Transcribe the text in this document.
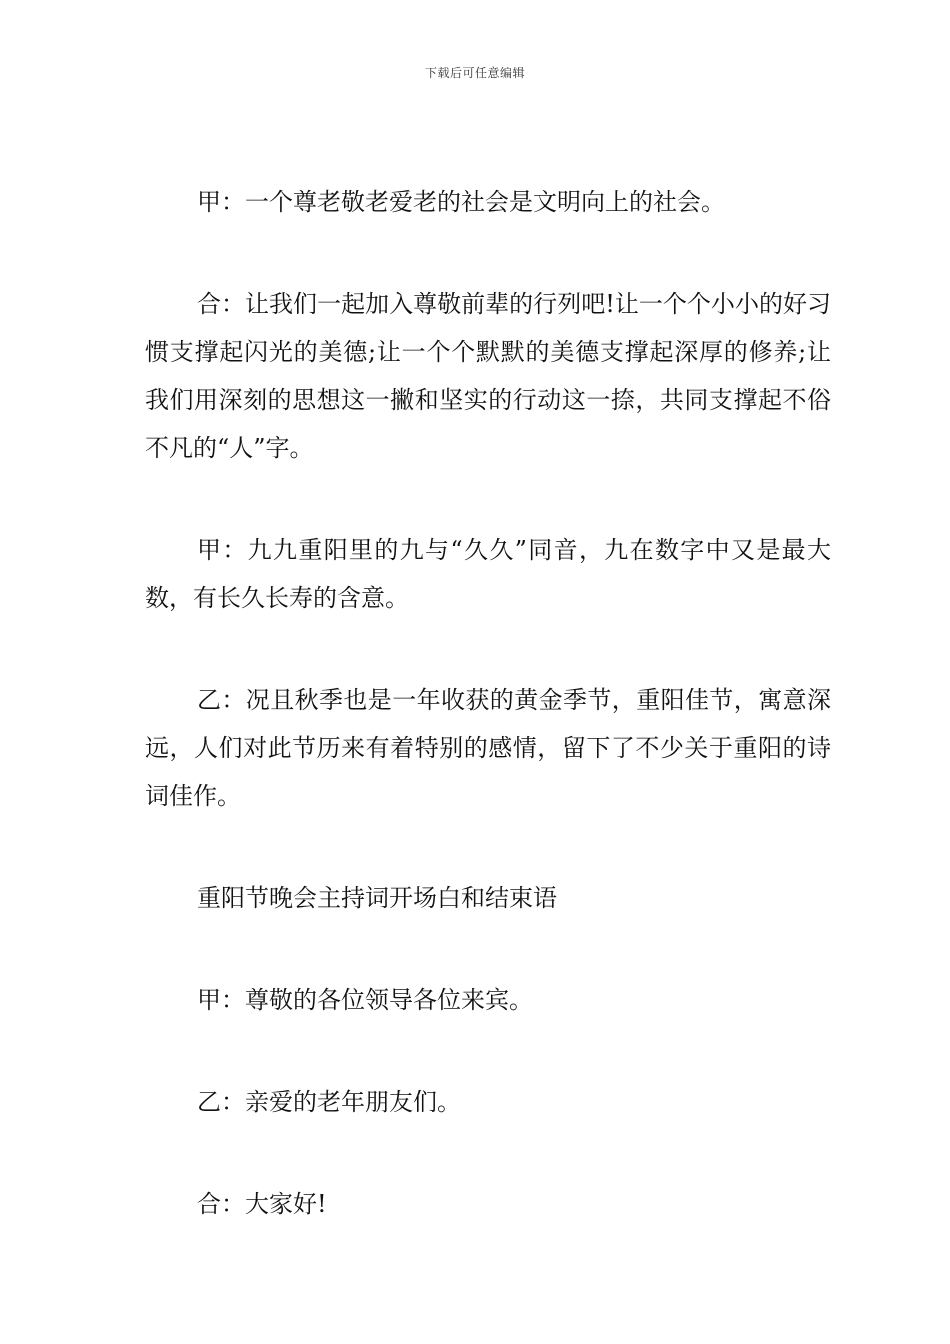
下载后可任意编辑

甲：一个尊老敬老爱老的社会是文明向上的社会。

合：让我们一起加入尊敬前辈的行列吧!让一个个小小的好习惯支撑起闪光的美德;让一个个默默的美德支撑起深厚的修养;让我们用深刻的思想这一撇和坚实的行动这一捺，共同支撑起不俗不凡的“人”字。

甲：九九重阳里的九与“久久”同音，九在数字中又是最大数，有长久长寿的含意。

乙：况且秋季也是一年收获的黄金季节，重阳佳节，寓意深远，人们对此节历来有着特别的感情，留下了不少关于重阳的诗词佳作。

重阳节晚会主持词开场白和结束语

甲：尊敬的各位领导各位来宾。

乙：亲爱的老年朋友们。

合：大家好!
